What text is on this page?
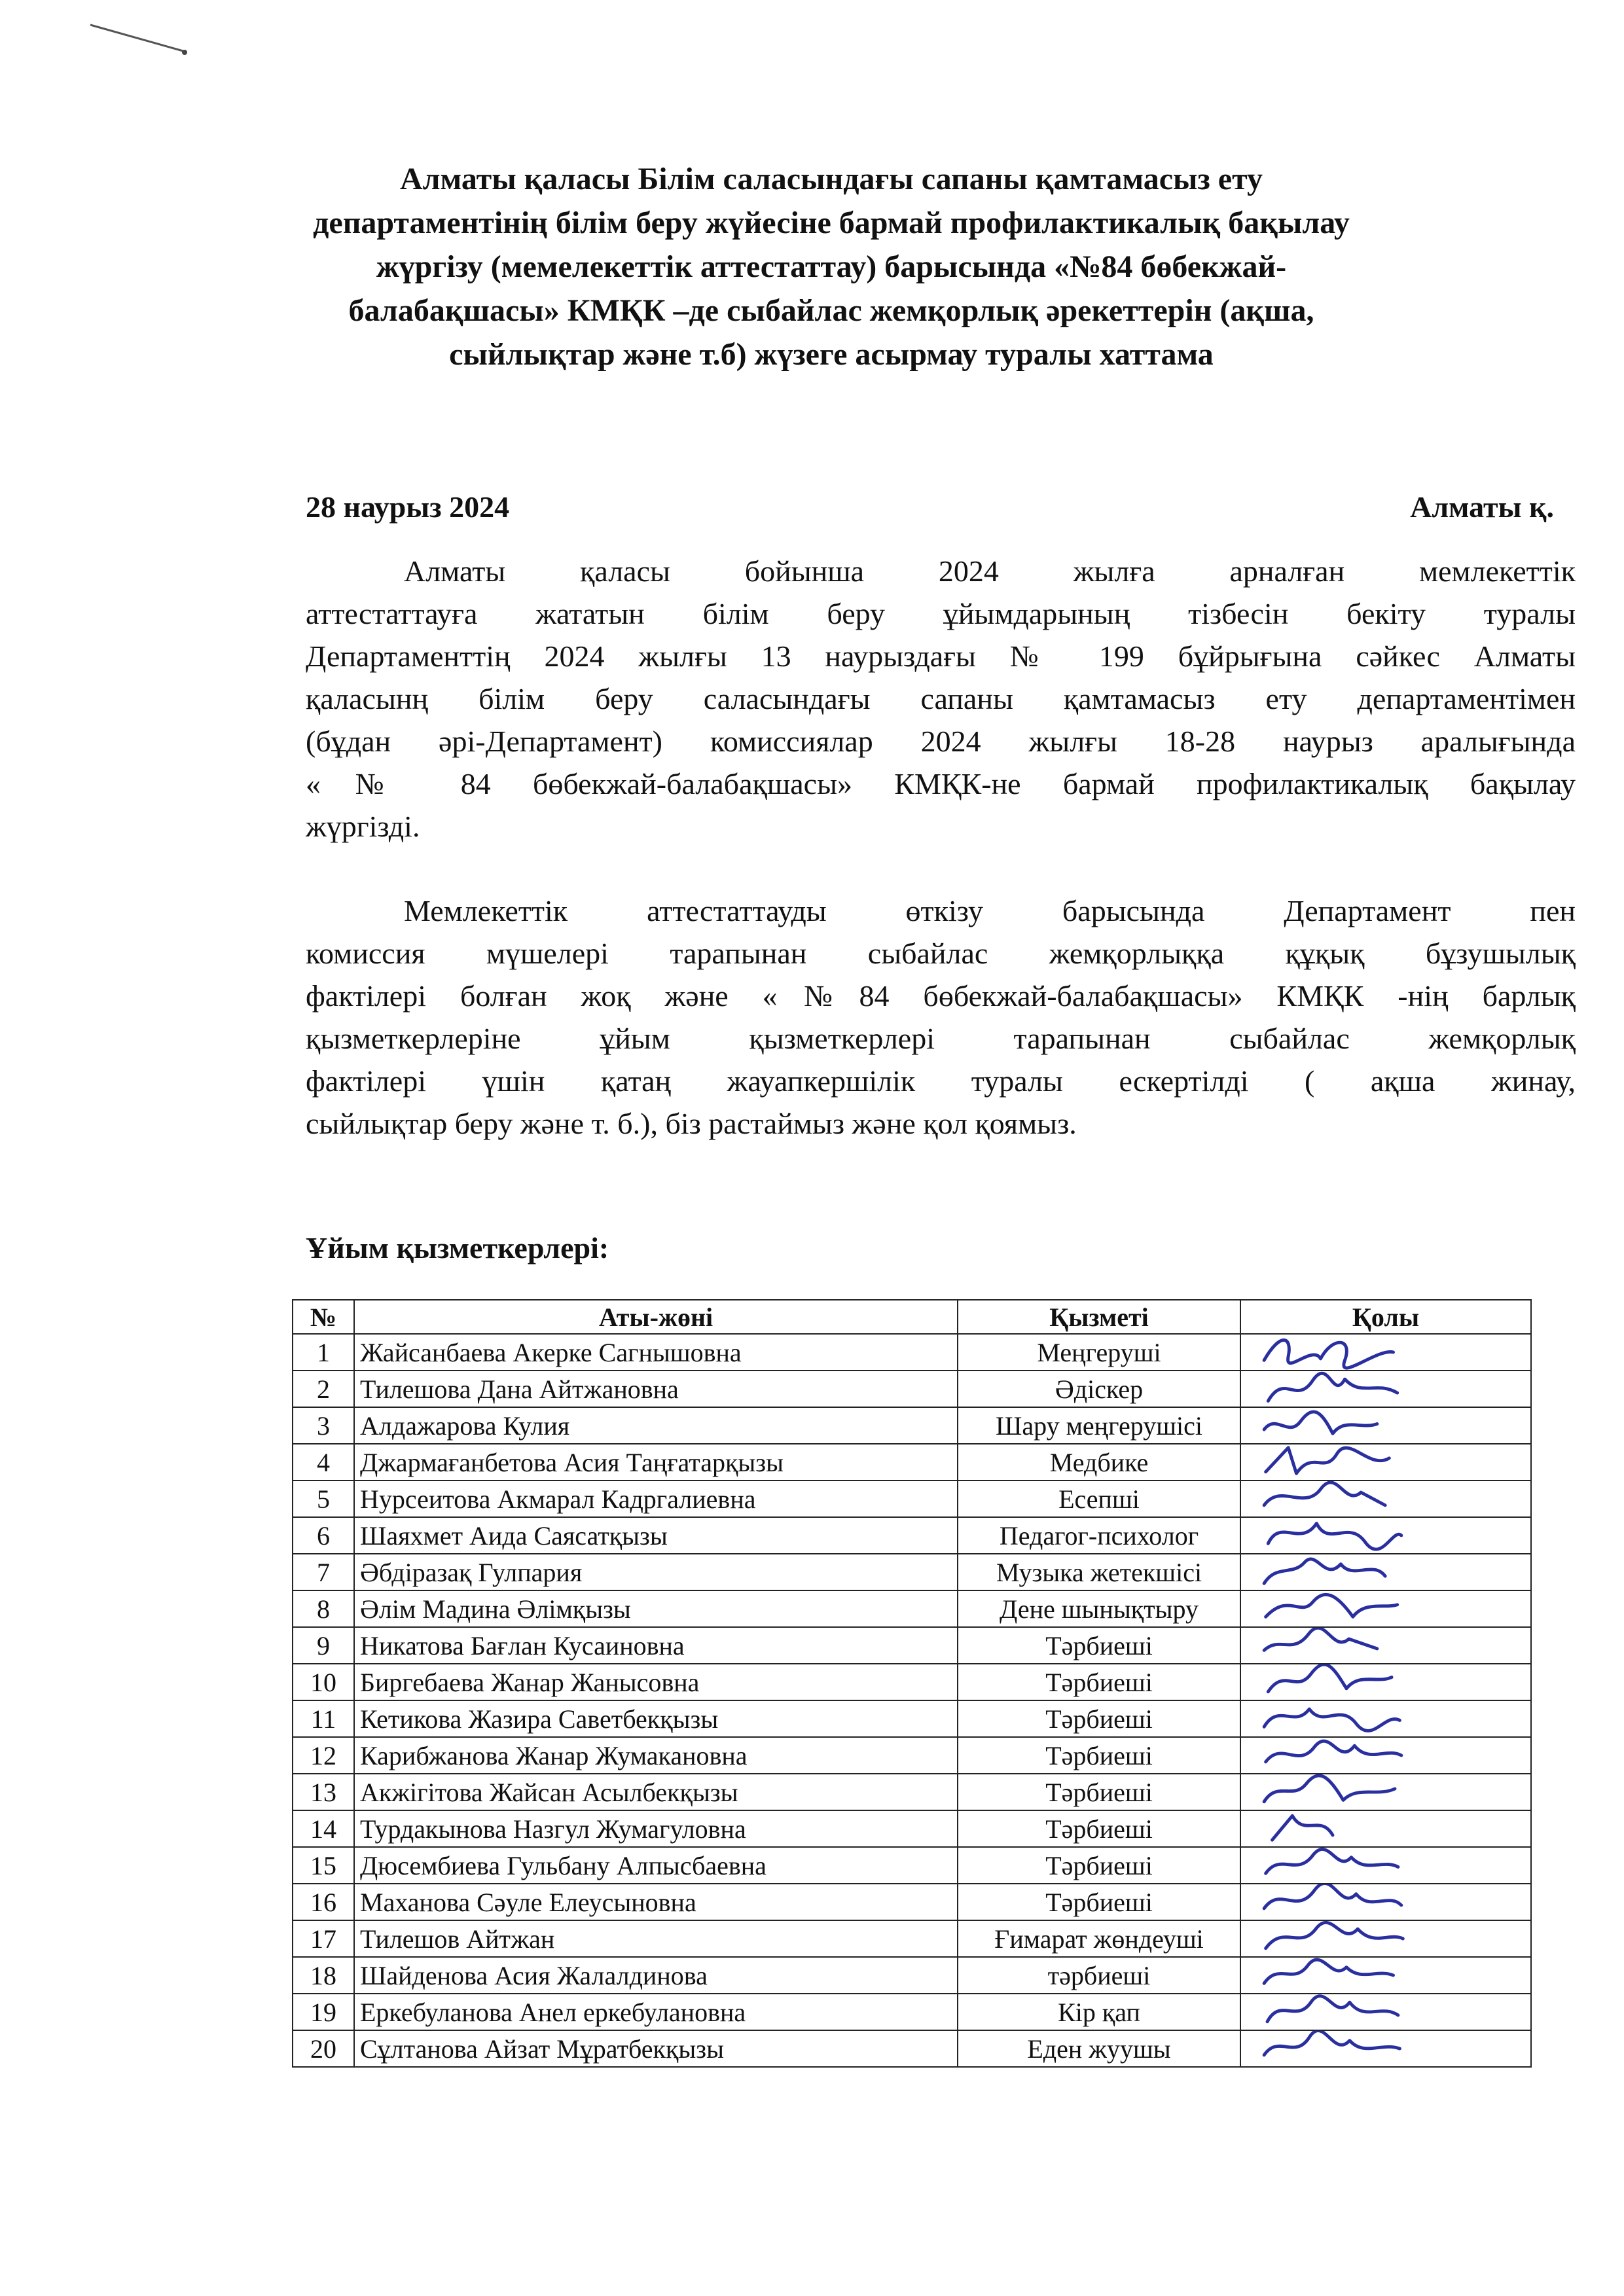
Алматы қаласы Білім саласындағы сапаны қамтамасыз ету
департаментінің білім беру жүйесіне бармай профилактикалық бақылау
жүргізу (мемелекеттік аттестаттау) барысында «№84 бөбекжай-
балабақшасы» КМҚК –де сыбайлас жемқорлық әрекеттерін (ақша,
сыйлықтар және т.б) жүзеге асырмау туралы хаттама
28 наурыз 2024	Алматы қ.
Алматы қаласы бойынша 2024 жылға арналған мемлекеттік
аттестаттауға жататын білім беру ұйымдарының тізбесін бекіту туралы
Департаменттің 2024 жылғы 13 наурыздағы № 199 бұйрығына сәйкес Алматы
қаласынң білім беру саласындағы сапаны қамтамасыз ету департаментімен
(бұдан әрі-Департамент) комиссиялар 2024 жылғы 18-28 наурыз аралығында
«№ 84 бөбекжай-балабақшасы» КМҚК-не бармай профилактикалық бақылау
жүргізді.
Мемлекеттік аттестаттауды өткізу барысында Департамент пен
комиссия мүшелері тарапынан сыбайлас жемқорлыққа құқық бұзушылық
фактілері болған жоқ және «№84 бөбекжай-балабақшасы» КМҚК -нің барлық
қызметкерлеріне ұйым қызметкерлері тарапынан сыбайлас жемқорлық
фактілері үшін қатаң жауапкершілік туралы ескертілді ( ақша жинау,
сыйлықтар беру және т. б.), біз растаймыз және қол қоямыз.
Ұйым қызметкерлері:
№	Аты-жөні	Қызметі	Қолы
1	Жайсанбаева Акерке Сагнышовна	Меңгеруші	

2	Тилешова Дана Айтжановна	Әдіскер	

3	Алдажарова Кулия	Шару меңгерушісі	

4	Джармағанбетова Асия Таңғатарқызы	Медбике	

5	Нурсеитова Акмарал Кадргалиевна	Есепші	

6	Шаяхмет Аида Саясатқызы	Педагог-психолог	

7	Әбдіразақ Гулпария	Музыка жетекшісі	

8	Әлім Мадина Әлімқызы	Дене шынықтыру	

9	Никатова Бағлан Кусаиновна	Тәрбиеші	

10	Биргебаева Жанар Жанысовна	Тәрбиеші	

11	Кетикова Жазира Саветбекқызы	Тәрбиеші	

12	Карибжанова Жанар Жумакановна	Тәрбиеші	

13	Акжігітова Жайсан Асылбекқызы	Тәрбиеші	

14	Турдакынова Назгул Жумагуловна	Тәрбиеші	

15	Дюсембиева Гульбану Алпысбаевна	Тәрбиеші	

16	Маханова Сәуле Елеусыновна	Тәрбиеші	

17	Тилешов Айтжан	Ғимарат жөндеуші	

18	Шайденова Асия Жалалдинова	тәрбиеші	

19	Еркебуланова Анел еркебулановна	Кір қап	

20	Сұлтанова Айзат Мұратбекқызы	Еден жуушы	
